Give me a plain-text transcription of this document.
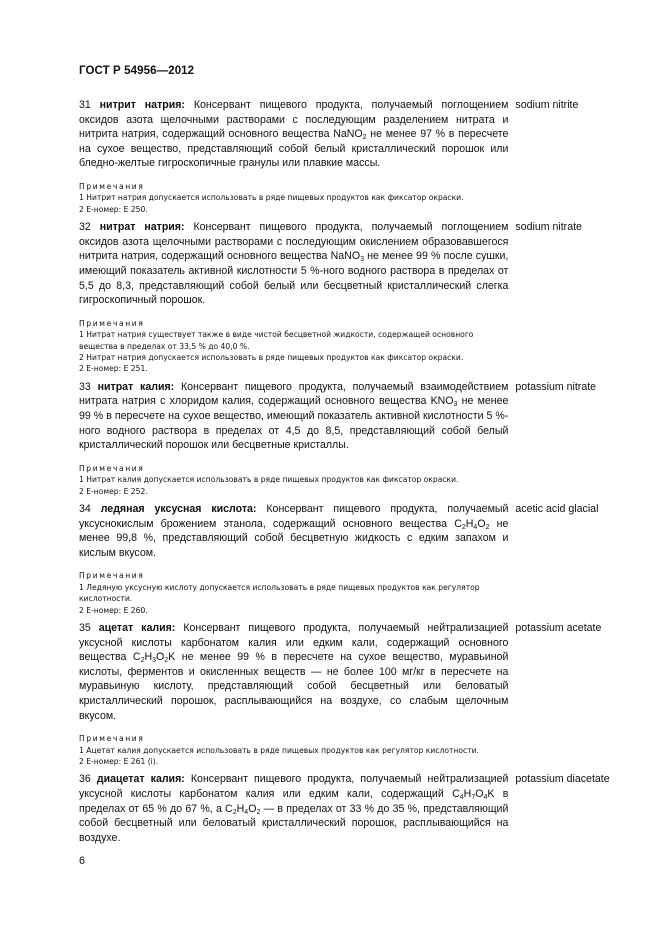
ГОСТ Р 54956—2012
31 нитрит натрия: Консервант пищевого продукта, получаемый поглощением оксидов азота щелочными растворами с последующим разделением нитрата и нитрита натрия, содержащий основного вещества NaNO$_2$ не менее 97 % в пересчете на сухое вещество, представляющий собой белый кристаллический порошок или бледно-желтые гигроскопичные гранулы или плавкие массы.
sodium nitrite
Примечания
1 Нитрит натрия допускается использовать в ряде пищевых продуктов как фиксатор окраски.
2 Е-номер: Е 250.
32 нитрат натрия: Консервант пищевого продукта, получаемый поглощением оксидов азота щелочными растворами с последующим окислением образовавшегося нитрита натрия, содержащий основного вещества NaNO$_3$ не менее 99 % после сушки, имеющий показатель активной кислотности 5 %-ного водного раствора в пределах от 5,5 до 8,3, представляющий собой белый или бесцветный кристаллический слегка гигроскопичный порошок.
sodium nitrate
Примечания
1 Нитрат натрия существует также в виде чистой бесцветной жидкости, содержащей основного вещества в пределах от 33,5 % до 40,0 %.
2 Нитрат натрия допускается использовать в ряде пищевых продуктов как фиксатор окраски.
2 Е-номер: Е 251.
33 нитрат калия: Консервант пищевого продукта, получаемый взаимодействием нитрата натрия с хлоридом калия, содержащий основного вещества $KNO_3$ не менее 99 % в пересчете на сухое вещество, имеющий показатель активной кислотности 5 %-ного водного раствора в пределах от 4,5 до 8,5, представляющий собой белый кристаллический порошок или бесцветные кристаллы.
potassium nitrate
Примечания
1 Нитрат калия допускается использовать в ряде пищевых продуктов как фиксатор окраски.
2 Е-номер: Е 252.
34 ледяная уксусная кислота: Консервант пищевого продукта, получаемый уксуснокислым брожением этанола, содержащий основного вещества $C_2H_4O_2$ не менее 99,8 %, представляющий собой бесцветную жидкость с едким запахом и кислым вкусом.
acetic acid glacial
Примечания
1 Ледяную уксусную кислоту допускается использовать в ряде пищевых продуктов как регулятор кислотности.
2 Е-номер: Е 260.
35 ацетат калия: Консервант пищевого продукта, получаемый нейтрализацией уксусной кислоты карбонатом калия или едким кали, содержащий основного вещества $C_2H_3O_2K$ не менее 99 % в пересчете на сухое вещество, муравьиной кислоты, ферментов и окисленных веществ — не более 100 мг/кг в пересчете на муравьиную кислоту, представляющий собой бесцветный или беловатый кристаллический порошок, расплывающийся на воздухе, со слабым щелочным вкусом.
potassium acetate
Примечания
1 Ацетат калия допускается использовать в ряде пищевых продуктов как регулятор кислотности.
2 Е-номер: Е 261 (i).
36 диацетат калия: Консервант пищевого продукта, получаемый нейтрализацией уксусной кислоты карбонатом калия или едким кали, содержащий $C_4H_7O_4K$ в пределах от 65 % до 67 %, а $C_2H_4O_2$ — в пределах от 33 % до 35 %, представляющий собой бесцветный или беловатый кристаллический порошок, расплывающийся на воздухе.
potassium diacetate
6
